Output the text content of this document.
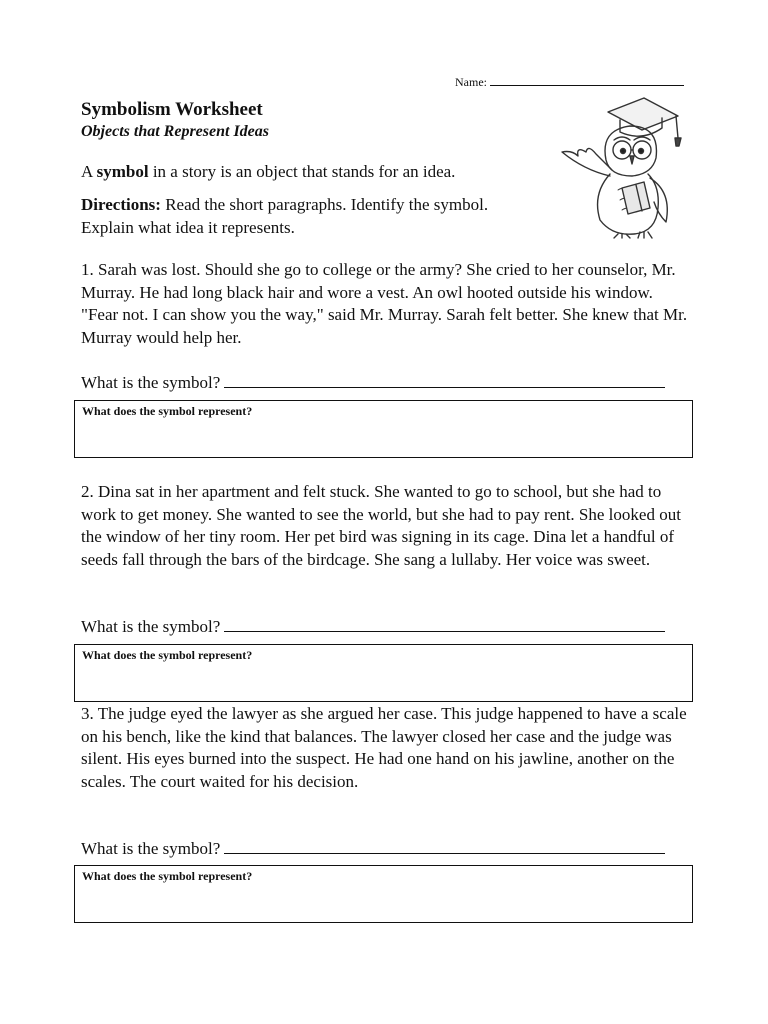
Name:
Symbolism Worksheet
Objects that Represent Ideas
A symbol in a story is an object that stands for an idea.
Directions: Read the short paragraphs. Identify the symbol. Explain what idea it represents.
1. Sarah was lost. Should she go to college or the army? She cried to her counselor, Mr. Murray. He had long black hair and wore a vest. An owl hooted outside his window. "Fear not. I can show you the way," said Mr. Murray. Sarah felt better. She knew that Mr. Murray would help her.
What is the symbol?
What does the symbol represent?
2. Dina sat in her apartment and felt stuck. She wanted to go to school, but she had to work to get money. She wanted to see the world, but she had to pay rent. She looked out the window of her tiny room. Her pet bird was signing in its cage. Dina let a handful of seeds fall through the bars of the birdcage. She sang a lullaby. Her voice was sweet.
What is the symbol?
What does the symbol represent?
3. The judge eyed the lawyer as she argued her case. This judge happened to have a scale on his bench, like the kind that balances. The lawyer closed her case and the judge was silent. His eyes burned into the suspect. He had one hand on his jawline, another on the scales. The court waited for his decision.
What is the symbol?
What does the symbol represent?
